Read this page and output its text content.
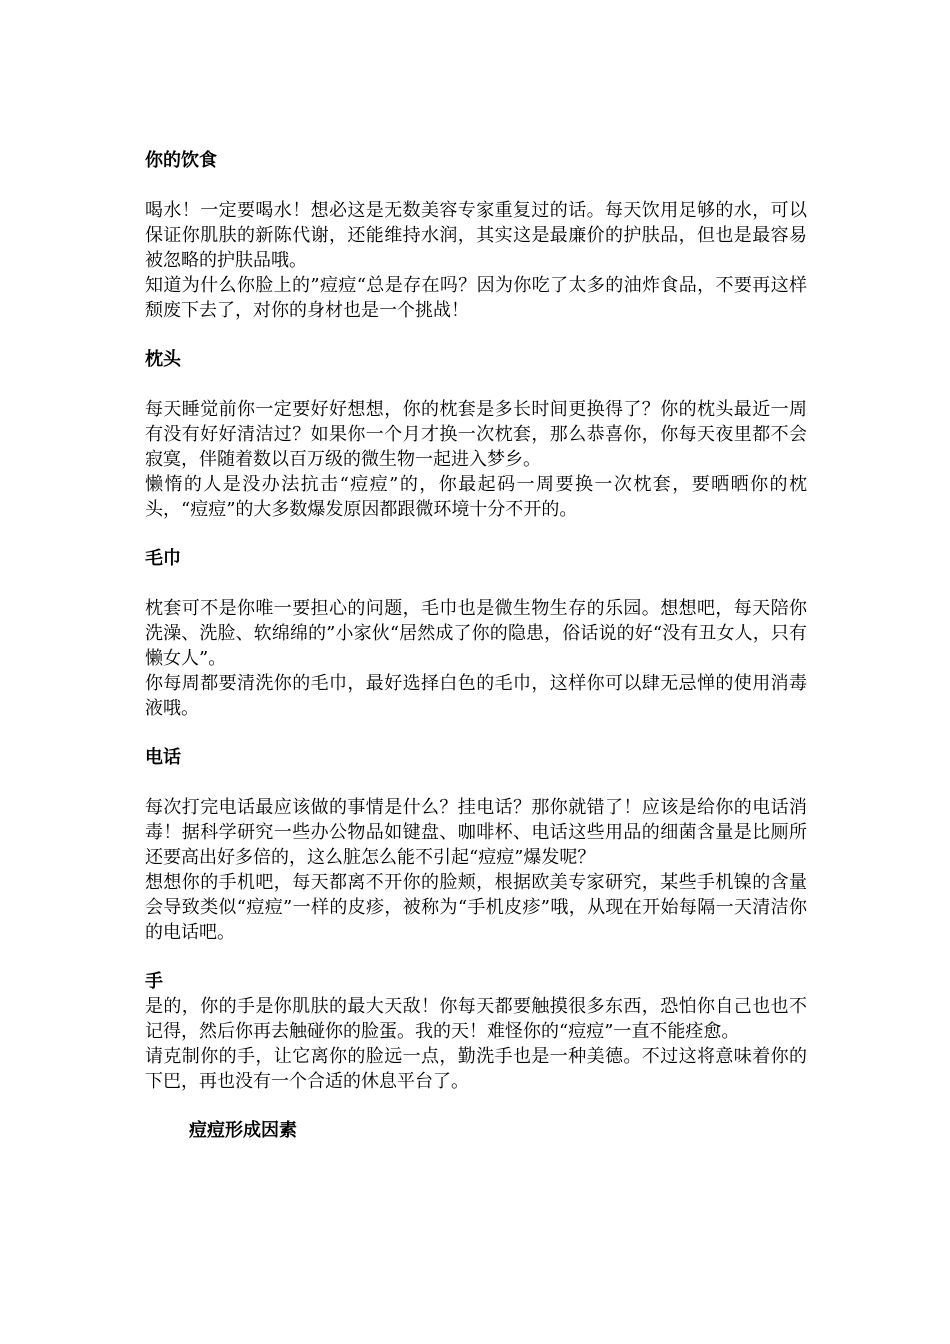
你的饮食

喝水！一定要喝水！想必这是无数美容专家重复过的话。每天饮用足够的水，可以保证你肌肤的新陈代谢，还能维持水润，其实这是最廉价的护肤品，但也是最容易被忽略的护肤品哦。

知道为什么你脸上的”痘痘“总是存在吗？因为你吃了太多的油炸食品，不要再这样颓废下去了，对你的身材也是一个挑战！

枕头

每天睡觉前你一定要好好想想，你的枕套是多长时间更换得了？你的枕头最近一周有没有好好清洁过？如果你一个月才换一次枕套，那么恭喜你，你每天夜里都不会寂寞，伴随着数以百万级的微生物一起进入梦乡。

懒惰的人是没办法抗击“痘痘”的，你最起码一周要换一次枕套，要晒晒你的枕头，“痘痘”的大多数爆发原因都跟微环境十分不开的。

毛巾

枕套可不是你唯一要担心的问题，毛巾也是微生物生存的乐园。想想吧，每天陪你洗澡、洗脸、软绵绵的”小家伙“居然成了你的隐患，俗话说的好“没有丑女人，只有懒女人”。

你每周都要清洗你的毛巾，最好选择白色的毛巾，这样你可以肆无忌惮的使用消毒液哦。

电话

每次打完电话最应该做的事情是什么？挂电话？那你就错了！应该是给你的电话消毒！据科学研究一些办公物品如键盘、咖啡杯、电话这些用品的细菌含量是比厕所还要高出好多倍的，这么脏怎么能不引起“痘痘”爆发呢？

想想你的手机吧，每天都离不开你的脸颊，根据欧美专家研究，某些手机镍的含量会导致类似“痘痘”一样的皮疹，被称为“手机皮疹”哦，从现在开始每隔一天清洁你的电话吧。

手

是的，你的手是你肌肤的最大天敌！你每天都要触摸很多东西，恐怕你自己也也不记得，然后你再去触碰你的脸蛋。我的天！难怪你的“痘痘”一直不能痊愈。

请克制你的手，让它离你的脸远一点，勤洗手也是一种美德。不过这将意味着你的下巴，再也没有一个合适的休息平台了。

痘痘形成因素
